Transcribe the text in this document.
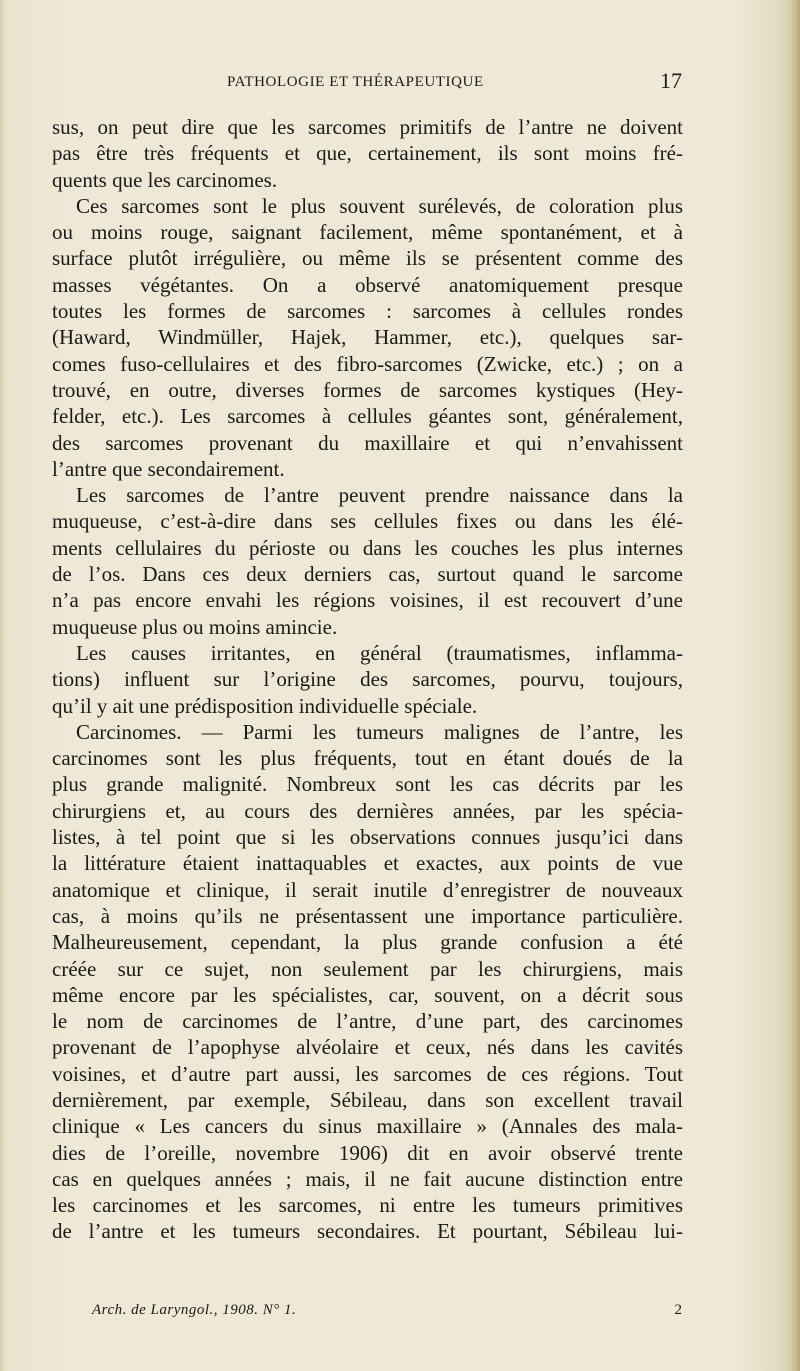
PATHOLOGIE ET THÉRAPEUTIQUE	17
sus, on peut dire que les sarcomes primitifs de l’antre ne doivent
pas être très fréquents et que, certainement, ils sont moins fré-
quents que les carcinomes.
Ces sarcomes sont le plus souvent surélevés, de coloration plus
ou moins rouge, saignant facilement, même spontanément, et à
surface plutôt irrégulière, ou même ils se présentent comme des
masses végétantes. On a observé anatomiquement presque
toutes les formes de sarcomes : sarcomes à cellules rondes
(Haward, Windmüller, Hajek, Hammer, etc.), quelques sar-
comes fuso-cellulaires et des fibro-sarcomes (Zwicke, etc.) ; on a
trouvé, en outre, diverses formes de sarcomes kystiques (Hey-
felder, etc.). Les sarcomes à cellules géantes sont, généralement,
des sarcomes provenant du maxillaire et qui n’envahissent
l’antre que secondairement.
Les sarcomes de l’antre peuvent prendre naissance dans la
muqueuse, c’est-à-dire dans ses cellules fixes ou dans les élé-
ments cellulaires du périoste ou dans les couches les plus internes
de l’os. Dans ces deux derniers cas, surtout quand le sarcome
n’a pas encore envahi les régions voisines, il est recouvert d’une
muqueuse plus ou moins amincie.
Les causes irritantes, en général (traumatismes, inflamma-
tions) influent sur l’origine des sarcomes, pourvu, toujours,
qu’il y ait une prédisposition individuelle spéciale.
Carcinomes. — Parmi les tumeurs malignes de l’antre, les
carcinomes sont les plus fréquents, tout en étant doués de la
plus grande malignité. Nombreux sont les cas décrits par les
chirurgiens et, au cours des dernières années, par les spécia-
listes, à tel point que si les observations connues jusqu’ici dans
la littérature étaient inattaquables et exactes, aux points de vue
anatomique et clinique, il serait inutile d’enregistrer de nouveaux
cas, à moins qu’ils ne présentassent une importance particulière.
Malheureusement, cependant, la plus grande confusion a été
créée sur ce sujet, non seulement par les chirurgiens, mais
même encore par les spécialistes, car, souvent, on a décrit sous
le nom de carcinomes de l’antre, d’une part, des carcinomes
provenant de l’apophyse alvéolaire et ceux, nés dans les cavités
voisines, et d’autre part aussi, les sarcomes de ces régions. Tout
dernièrement, par exemple, Sébileau, dans son excellent travail
clinique « Les cancers du sinus maxillaire » (Annales des mala-
dies de l’oreille, novembre 1906) dit en avoir observé trente
cas en quelques années ; mais, il ne fait aucune distinction entre
les carcinomes et les sarcomes, ni entre les tumeurs primitives
de l’antre et les tumeurs secondaires. Et pourtant, Sébileau lui-
Arch. de Laryngol., 1908. N° 1.	2
